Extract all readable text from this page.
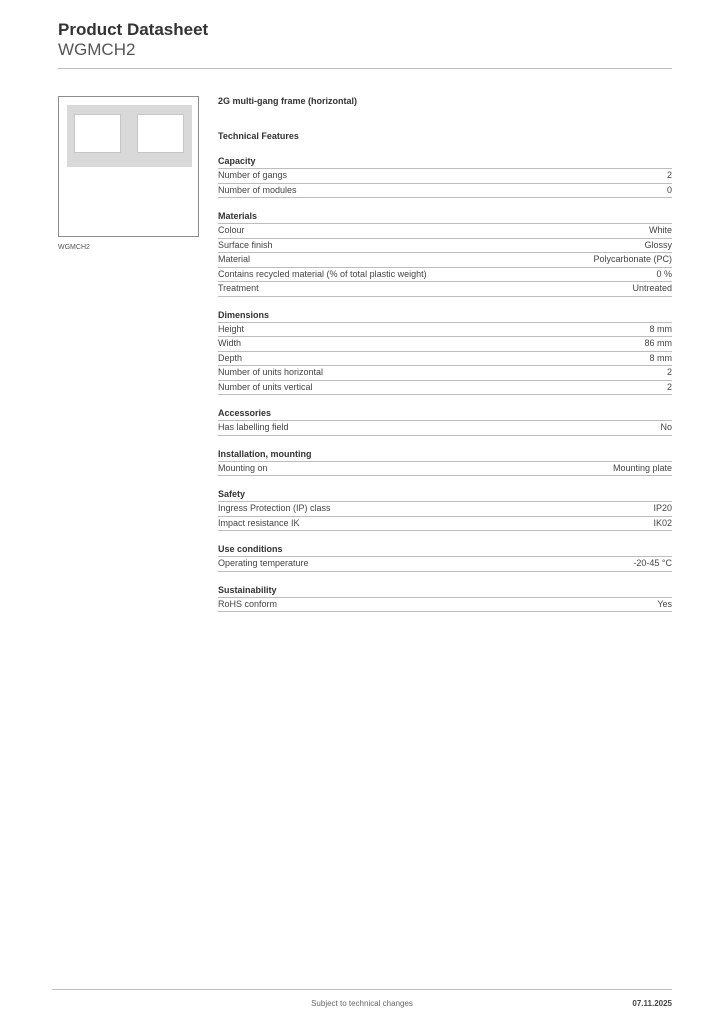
Product Datasheet
WGMCH2
WGMCH2
2G multi-gang frame (horizontal)
Technical Features
Capacity
Number of gangs	2
Number of modules	0
Materials
Colour	White
Surface finish	Glossy
Material	Polycarbonate (PC)
Contains recycled material (% of total plastic weight)	0 %
Treatment	Untreated
Dimensions
Height	8 mm
Width	86 mm
Depth	8 mm
Number of units horizontal	2
Number of units vertical	2
Accessories
Has labelling field	No
Installation, mounting
Mounting on	Mounting plate
Safety
Ingress Protection (IP) class	IP20
Impact resistance IK	IK02
Use conditions
Operating temperature	-20-45 °C
Sustainability
RoHS conform	Yes
Subject to technical changes	07.11.2025
